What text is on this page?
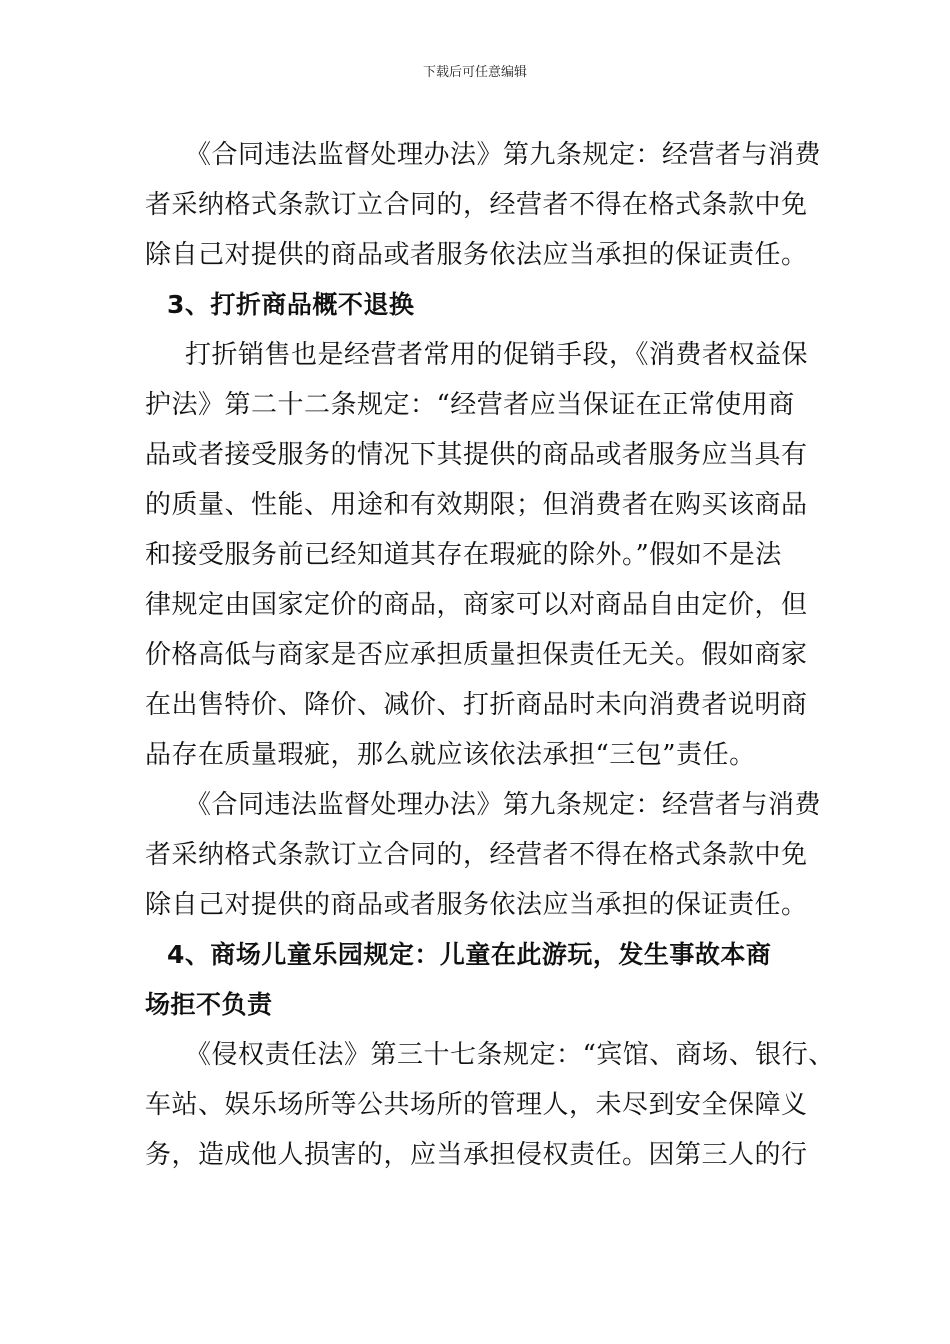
下载后可任意编辑
《合同违法监督处理办法》第九条规定：经营者与消费
者采纳格式条款订立合同的，经营者不得在格式条款中免
除自己对提供的商品或者服务依法应当承担的保证责任。
3、打折商品概不退换
打折销售也是经营者常用的促销手段，《消费者权益保
护法》第二十二条规定：“经营者应当保证在正常使用商
品或者接受服务的情况下其提供的商品或者服务应当具有
的质量、性能、用途和有效期限；但消费者在购买该商品
和接受服务前已经知道其存在瑕疵的除外。”假如不是法
律规定由国家定价的商品，商家可以对商品自由定价，但
价格高低与商家是否应承担质量担保责任无关。假如商家
在出售特价、降价、减价、打折商品时未向消费者说明商
品存在质量瑕疵，那么就应该依法承担“三包”责任。
《合同违法监督处理办法》第九条规定：经营者与消费
者采纳格式条款订立合同的，经营者不得在格式条款中免
除自己对提供的商品或者服务依法应当承担的保证责任。
4、商场儿童乐园规定：儿童在此游玩，发生事故本商
场拒不负责
《侵权责任法》第三十七条规定：“宾馆、商场、银行、
车站、娱乐场所等公共场所的管理人，未尽到安全保障义
务，造成他人损害的，应当承担侵权责任。因第三人的行
